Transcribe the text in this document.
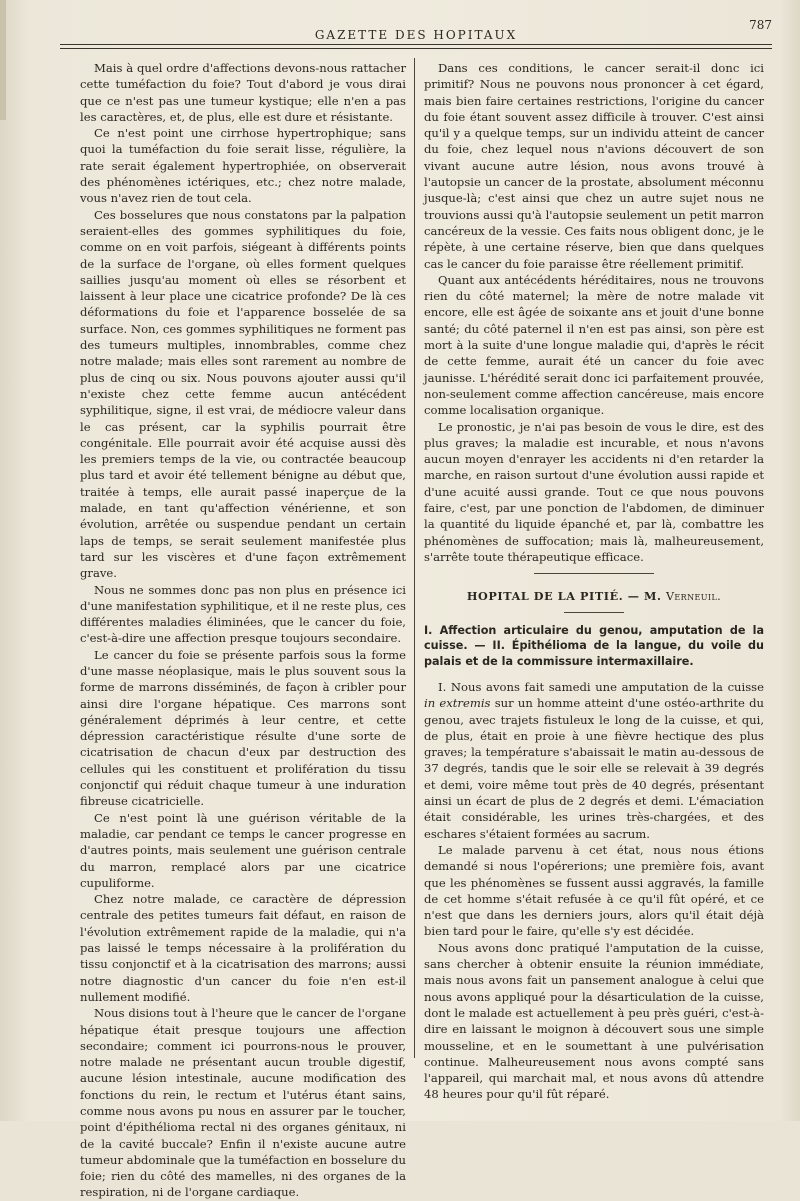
GAZETTE DES HOPITAUX
787

Mais à quel ordre d'affections devons-nous rattacher cette tuméfaction du foie? Tout d'abord je vous dirai que ce n'est pas une tumeur kystique; elle n'en a pas les caractères, et, de plus, elle est dure et résistante.

Ce n'est point une cirrhose hypertrophique; sans quoi la tuméfaction du foie serait lisse, régulière, la rate serait également hypertrophiée, on observerait des phénomènes ictériques, etc.; chez notre malade, vous n'avez rien de tout cela.

Ces bosselures que nous constatons par la palpation seraient-elles des gommes syphilitiques du foie, comme on en voit parfois, siégeant à différents points de la surface de l'organe, où elles forment quelques saillies jusqu'au moment où elles se résorbent et laissent à leur place une cicatrice profonde? De là ces déformations du foie et l'apparence bosselée de sa surface. Non, ces gommes syphilitiques ne forment pas des tumeurs multiples, innombrables, comme chez notre malade; mais elles sont rarement au nombre de plus de cinq ou six. Nous pouvons ajouter aussi qu'il n'existe chez cette femme aucun antécédent syphilitique, signe, il est vrai, de médiocre valeur dans le cas présent, car la syphilis pourrait être congénitale. Elle pourrait avoir été acquise aussi dès les premiers temps de la vie, ou contractée beaucoup plus tard et avoir été tellement bénigne au début que, traitée à temps, elle aurait passé inaperçue de la malade, en tant qu'affection vénérienne, et son évolution, arrêtée ou suspendue pendant un certain laps de temps, se serait seulement manifestée plus tard sur les viscères et d'une façon extrêmement grave.

Nous ne sommes donc pas non plus en présence ici d'une manifestation syphilitique, et il ne reste plus, ces différentes maladies éliminées, que le cancer du foie, c'est-à-dire une affection presque toujours secondaire.

Le cancer du foie se présente parfois sous la forme d'une masse néoplasique, mais le plus souvent sous la forme de marrons disséminés, de façon à cribler pour ainsi dire l'organe hépatique. Ces marrons sont généralement déprimés à leur centre, et cette dépression caractéristique résulte d'une sorte de cicatrisation de chacun d'eux par destruction des cellules qui les constituent et prolifération du tissu conjonctif qui réduit chaque tumeur à une induration fibreuse cicatricielle.

Ce n'est point là une guérison véritable de la maladie, car pendant ce temps le cancer progresse en d'autres points, mais seulement une guérison centrale du marron, remplacé alors par une cicatrice cupuliforme.

Chez notre malade, ce caractère de dépression centrale des petites tumeurs fait défaut, en raison de l'évolution extrêmement rapide de la maladie, qui n'a pas laissé le temps nécessaire à la prolifération du tissu conjonctif et à la cicatrisation des marrons; aussi notre diagnostic d'un cancer du foie n'en est-il nullement modifié.

Nous disions tout à l'heure que le cancer de l'organe hépatique était presque toujours une affection secondaire; comment ici pourrons-nous le prouver, notre malade ne présentant aucun trouble digestif, aucune lésion intestinale, aucune modification des fonctions du rein, le rectum et l'utérus étant sains, comme nous avons pu nous en assurer par le toucher, point d'épithélioma rectal ni des organes génitaux, ni de la cavité buccale? Enfin il n'existe aucune autre tumeur abdominale que la tuméfaction en bosselure du foie; rien du côté des mamelles, ni des organes de la respiration, ni de l'organe cardiaque.

Dans ces conditions, le cancer serait-il donc ici primitif? Nous ne pouvons nous prononcer à cet égard, mais bien faire certaines restrictions, l'origine du cancer du foie étant souvent assez difficile à trouver. C'est ainsi qu'il y a quelque temps, sur un individu atteint de cancer du foie, chez lequel nous n'avions découvert de son vivant aucune autre lésion, nous avons trouvé à l'autopsie un cancer de la prostate, absolument méconnu jusque-là; c'est ainsi que chez un autre sujet nous ne trouvions aussi qu'à l'autopsie seulement un petit marron cancéreux de la vessie. Ces faits nous obligent donc, je le répète, à une certaine réserve, bien que dans quelques cas le cancer du foie paraisse être réellement primitif.

Quant aux antécédents héréditaires, nous ne trouvons rien du côté maternel; la mère de notre malade vit encore, elle est âgée de soixante ans et jouit d'une bonne santé; du côté paternel il n'en est pas ainsi, son père est mort à la suite d'une longue maladie qui, d'après le récit de cette femme, aurait été un cancer du foie avec jaunisse. L'hérédité serait donc ici parfaitement prouvée, non-seulement comme affection cancéreuse, mais encore comme localisation organique.

Le pronostic, je n'ai pas besoin de vous le dire, est des plus graves; la maladie est incurable, et nous n'avons aucun moyen d'enrayer les accidents ni d'en retarder la marche, en raison surtout d'une évolution aussi rapide et d'une acuité aussi grande. Tout ce que nous pouvons faire, c'est, par une ponction de l'abdomen, de diminuer la quantité du liquide épanché et, par là, combattre les phénomènes de suffocation; mais là, malheureusement, s'arrête toute thérapeutique efficace.

HOPITAL DE LA PITIÉ. — M. Verneuil.

I. Affection articulaire du genou, amputation de la cuisse. — II. Épithélioma de la langue, du voile du palais et de la commissure intermaxillaire.

I. Nous avons fait samedi une amputation de la cuisse in extremis sur un homme atteint d'une ostéo-arthrite du genou, avec trajets fistuleux le long de la cuisse, et qui, de plus, était en proie à une fièvre hectique des plus graves; la température s'abaissait le matin au-dessous de 37 degrés, tandis que le soir elle se relevait à 39 degrés et demi, voire même tout près de 40 degrés, présentant ainsi un écart de plus de 2 degrés et demi. L'émaciation était considérable, les urines très-chargées, et des eschares s'étaient formées au sacrum.

Le malade parvenu à cet état, nous nous étions demandé si nous l'opérerions; une première fois, avant que les phénomènes se fussent aussi aggravés, la famille de cet homme s'était refusée à ce qu'il fût opéré, et ce n'est que dans les derniers jours, alors qu'il était déjà bien tard pour le faire, qu'elle s'y est décidée.

Nous avons donc pratiqué l'amputation de la cuisse, sans chercher à obtenir ensuite la réunion immédiate, mais nous avons fait un pansement analogue à celui que nous avons appliqué pour la désarticulation de la cuisse, dont le malade est actuellement à peu près guéri, c'est-à-dire en laissant le moignon à découvert sous une simple mousseline, et en le soumettant à une pulvérisation continue. Malheureusement nous avons compté sans l'appareil, qui marchait mal, et nous avons dû attendre 48 heures pour qu'il fût réparé.
